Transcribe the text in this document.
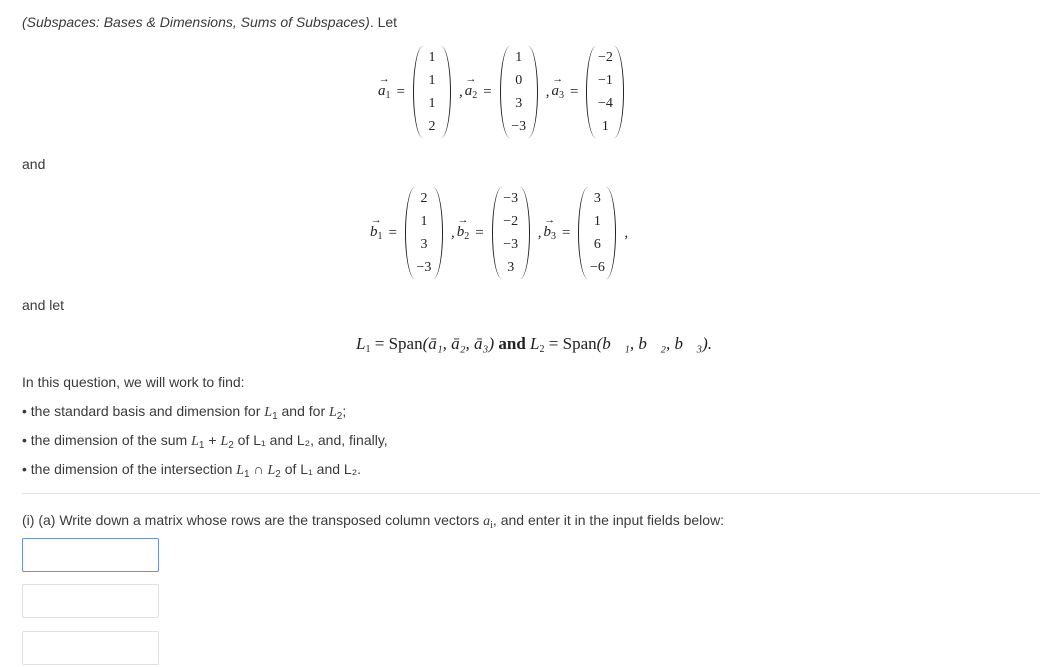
(Subspaces: Bases & Dimensions, Sums of Subspaces). Let
→
$a_1$ =
1
1
1
2
,
→
$a_2$ =
1
0
3
−3
,
→
$a_3$ =
−2
−1
−4
1
and
→
$b_1$ =
2
1
3
−3
,
→
$b_2$ =
−3
−2
−3
3
,
→
$b_3$ =
3
1
6
−6
,
and let
$L_1$ = Span(ā₁, ā₂, ā₃) and $L_2$ = Span(b⃗₁, b⃗₂, b⃗₃).
In this question, we will work to find:
• the standard basis and dimension for $L_1$ and for $L_2$;
• the dimension of the sum $L_1 + L_2$ of L₁ and L₂, and, finally,
• the dimension of the intersection $L_1$ ∩ $L_2$ of L₁ and L₂.
(i) (a) Write down a matrix whose rows are the transposed column vectors $a_i$, and enter it in the input fields below:
